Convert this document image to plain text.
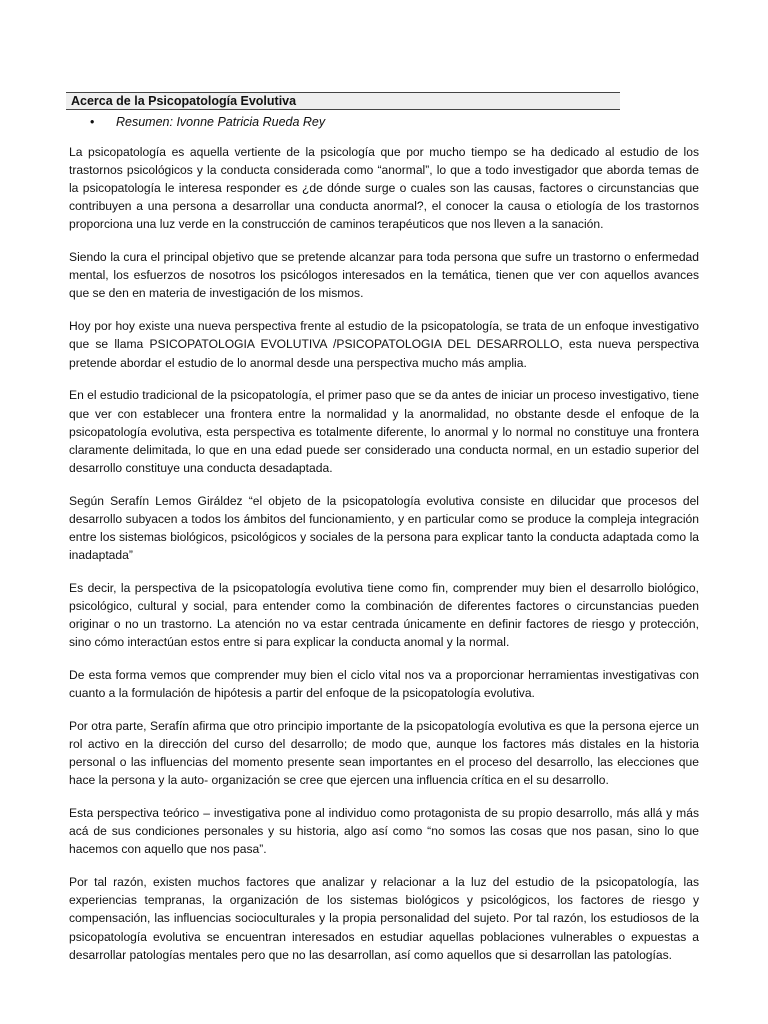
Acerca de la Psicopatología Evolutiva
• Resumen: Ivonne Patricia Rueda Rey

La psicopatología es aquella vertiente de la psicología que por mucho tiempo se ha dedicado al estudio de los trastornos psicológicos y la conducta considerada como “anormal”, lo que a todo investigador que aborda temas de la psicopatología le interesa responder es ¿de dónde surge o cuales son las causas, factores o circunstancias que contribuyen a una persona a desarrollar una conducta anormal?, el conocer la causa o etiología de los trastornos proporciona una luz verde en la construcción de caminos terapéuticos que nos lleven a la sanación.

Siendo la cura el principal objetivo que se pretende alcanzar para toda persona que sufre un trastorno o enfermedad mental, los esfuerzos de nosotros los psicólogos interesados en la temática, tienen que ver con aquellos avances que se den en materia de investigación de los mismos.

Hoy por hoy existe una nueva perspectiva frente al estudio de la psicopatología, se trata de un enfoque investigativo que se llama PSICOPATOLOGIA EVOLUTIVA /PSICOPATOLOGIA DEL DESARROLLO, esta nueva perspectiva pretende abordar el estudio de lo anormal desde una perspectiva mucho más amplia.

En el estudio tradicional de la psicopatología, el primer paso que se da antes de iniciar un proceso investigativo, tiene que ver con establecer una frontera entre la normalidad y la anormalidad, no obstante desde el enfoque de la psicopatología evolutiva, esta perspectiva es totalmente diferente, lo anormal y lo normal no constituye una frontera claramente delimitada, lo que en una edad puede ser considerado una conducta normal, en un estadio superior del desarrollo constituye una conducta desadaptada.

Según Serafín Lemos Giráldez “el objeto de la psicopatología evolutiva consiste en dilucidar que procesos del desarrollo subyacen a todos los ámbitos del funcionamiento, y en particular como se produce la compleja integración entre los sistemas biológicos, psicológicos y sociales de la persona para explicar tanto la conducta adaptada como la inadaptada”

Es decir, la perspectiva de la psicopatología evolutiva tiene como fin, comprender muy bien el desarrollo biológico, psicológico, cultural y social, para entender como la combinación de diferentes factores o circunstancias pueden originar o no un trastorno. La atención no va estar centrada únicamente en definir factores de riesgo y protección, sino cómo interactúan estos entre si para explicar la conducta anomal y la normal.

De esta forma vemos que comprender muy bien el ciclo vital nos va a proporcionar herramientas investigativas con cuanto a la formulación de hipótesis a partir del enfoque de la psicopatología evolutiva.

Por otra parte, Serafín afirma que otro principio importante de la psicopatología evolutiva es que la persona ejerce un rol activo en la dirección del curso del desarrollo; de modo que, aunque los factores más distales en la historia personal o las influencias del momento presente sean importantes en el proceso del desarrollo, las elecciones que hace la persona y la auto- organización se cree que ejercen una influencia crítica en el su desarrollo.

Esta perspectiva teórico – investigativa pone al individuo como protagonista de su propio desarrollo, más allá y más acá de sus condiciones personales y su historia, algo así como “no somos las cosas que nos pasan, sino lo que hacemos con aquello que nos pasa”.

Por tal razón, existen muchos factores que analizar y relacionar a la luz del estudio de la psicopatología, las experiencias tempranas, la organización de los sistemas biológicos y psicológicos, los factores de riesgo y compensación, las influencias socioculturales y la propia personalidad del sujeto. Por tal razón, los estudiosos de la psicopatología evolutiva se encuentran interesados en estudiar aquellas poblaciones vulnerables o expuestas a desarrollar patologías mentales pero que no las desarrollan, así como aquellos que si desarrollan las patologías.
